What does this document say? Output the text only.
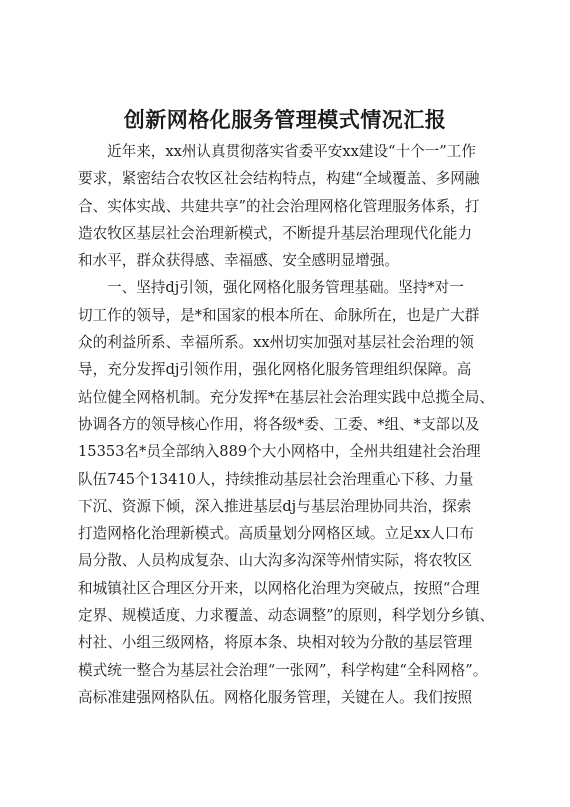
创新网格化服务管理模式情况汇报
近年来，xx州认真贯彻落实省委平安xx建设“十个一”工作
要求，紧密结合农牧区社会结构特点，构建“全域覆盖、多网融
合、实体实战、共建共享”的社会治理网格化管理服务体系，打
造农牧区基层社会治理新模式，不断提升基层治理现代化能力
和水平，群众获得感、幸福感、安全感明显增强。
一、坚持dj引领，强化网格化服务管理基础。坚持*对一
切工作的领导，是*和国家的根本所在、命脉所在，也是广大群
众的利益所系、幸福所系。xx州切实加强对基层社会治理的领
导，充分发挥dj引领作用，强化网格化服务管理组织保障。高
站位健全网格机制。充分发挥*在基层社会治理实践中总揽全局、
协调各方的领导核心作用，将各级*委、工委、*组、*支部以及
15353名*员全部纳入889个大小网格中，全州共组建社会治理
队伍745个13410人，持续推动基层社会治理重心下移、力量
下沉、资源下倾，深入推进基层dj与基层治理协同共治，探索
打造网格化治理新模式。高质量划分网格区域。立足xx人口布
局分散、人员构成复杂、山大沟多沟深等州情实际，将农牧区
和城镇社区合理区分开来，以网格化治理为突破点，按照“合理
定界、规模适度、力求覆盖、动态调整”的原则，科学划分乡镇、
村社、小组三级网格，将原本条、块相对较为分散的基层管理
模式统一整合为基层社会治理“一张网”，科学构建“全科网格”。
高标准建强网格队伍。网格化服务管理，关键在人。我们按照
